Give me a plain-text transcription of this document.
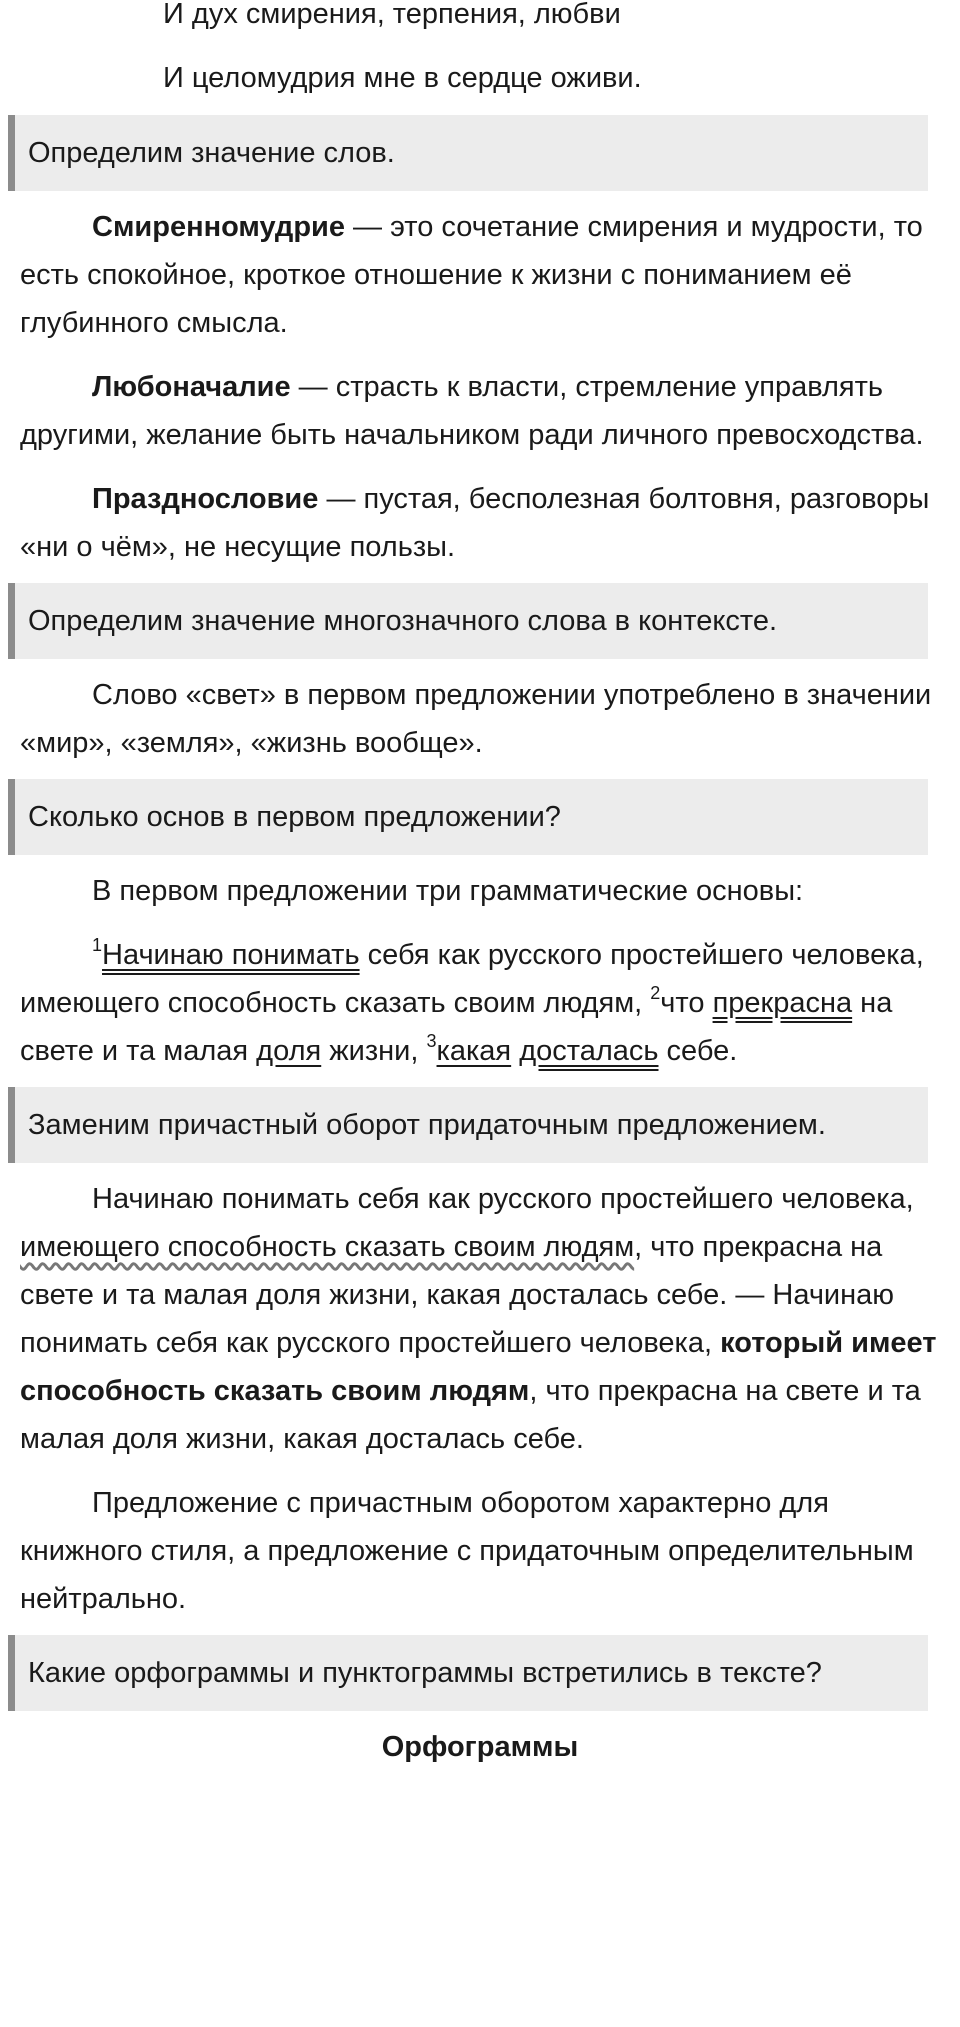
И дух смирения, терпения, любви
И целомудрия мне в сердце оживи.
Определим значение слов.

Смиренномудрие — это сочетание смирения и мудрости, то есть спокойное, кроткое отношение к жизни с пониманием её глубинного смысла.

Любоначалие — страсть к власти, стремление управлять другими, желание быть начальником ради личного превосходства.

Празднословие — пустая, бесполезная болтовня, разговоры «ни о чём», не несущие пользы.

Определим значение многозначного слова в контексте.

Слово «свет» в первом предложении употреблено в значении «мир», «земля», «жизнь вообще».

Сколько основ в первом предложении?

В первом предложении три грамматические основы:

$^1$Начинаю понимать себя как русского простейшего человека, имеющего способность сказать своим людям, $^2$что прекрасна на свете и та малая доля жизни, $^3$какая досталась себе.

Заменим причастный оборот придаточным предложением.

Начинаю понимать себя как русского простейшего человека, имеющего способность сказать своим людям, что прекрасна на свете и та малая доля жизни, какая досталась себе. — Начинаю понимать себя как русского простейшего человека, который имеет способность сказать своим людям, что прекрасна на свете и та малая доля жизни, какая досталась себе.

Предложение с причастным оборотом характерно для книжного стиля, а предложение с придаточным определительным нейтрально.

Какие орфограммы и пунктограммы встретились в тексте?

Орфограммы
